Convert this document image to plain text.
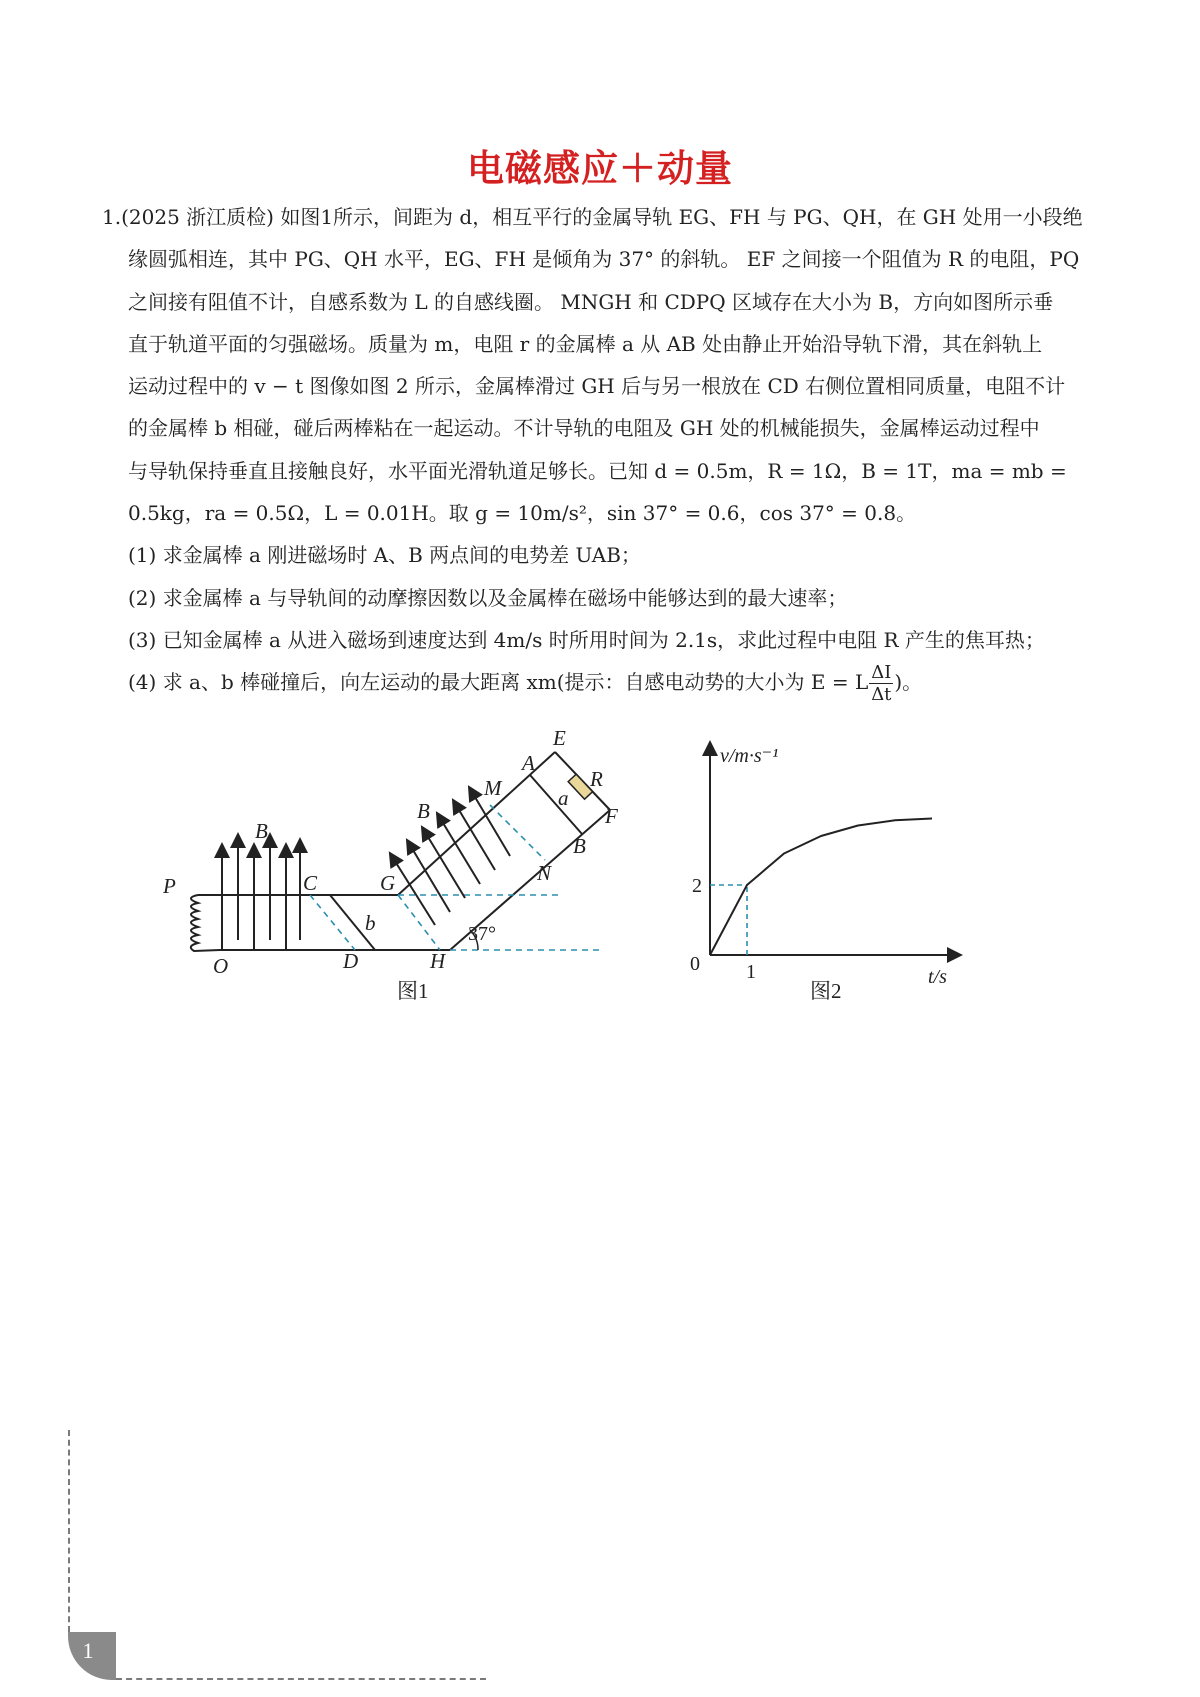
电磁感应＋动量

1.(2025 浙江质检) 如图1所示，间距为 d，相互平行的金属导轨 EG、FH 与 PG、QH，在 GH 处用一小段绝

缘圆弧相连，其中 PG、QH 水平，EG、FH 是倾角为 37° 的斜轨。 EF 之间接一个阻值为 R 的电阻，PQ

之间接有阻值不计，自感系数为 L 的自感线圈。 MNGH 和 CDPQ 区域存在大小为 B，方向如图所示垂

直于轨道平面的匀强磁场。质量为 m，电阻 r 的金属棒 a 从 AB 处由静止开始沿导轨下滑，其在斜轨上

运动过程中的 v − t 图像如图 2 所示，金属棒滑过 GH 后与另一根放在 CD 右侧位置相同质量，电阻不计

的金属棒 b 相碰，碰后两棒粘在一起运动。不计导轨的电阻及 GH 处的机械能损失，金属棒运动过程中

与导轨保持垂直且接触良好，水平面光滑轨道足够长。已知 d = 0.5m，R = 1Ω，B = 1T，ma = mb =

0.5kg，ra = 0.5Ω，L = 0.01H。取 g = 10m/s²，sin 37° = 0.6，cos 37° = 0.8。

(1) 求金属棒 a 刚进磁场时 A、B 两点间的电势差 UAB；

(2) 求金属棒 a 与导轨间的动摩擦因数以及金属棒在磁场中能够达到的最大速率；

(3) 已知金属棒 a 从进入磁场到速度达到 4m/s 时所用时间为 2.1s，求此过程中电阻 R 产生的焦耳热；

(4) 求 a、b 棒碰撞后，向左运动的最大距离 xm(提示：自感电动势的大小为 E = L $\frac{\Delta I}{\Delta t}$ )。

E
A
R
M	a
F
B
N
B
B
P	C	G
b
O	D	H
37°
图1
v/m·s⁻¹
t/s
0
2
1
图2
1
